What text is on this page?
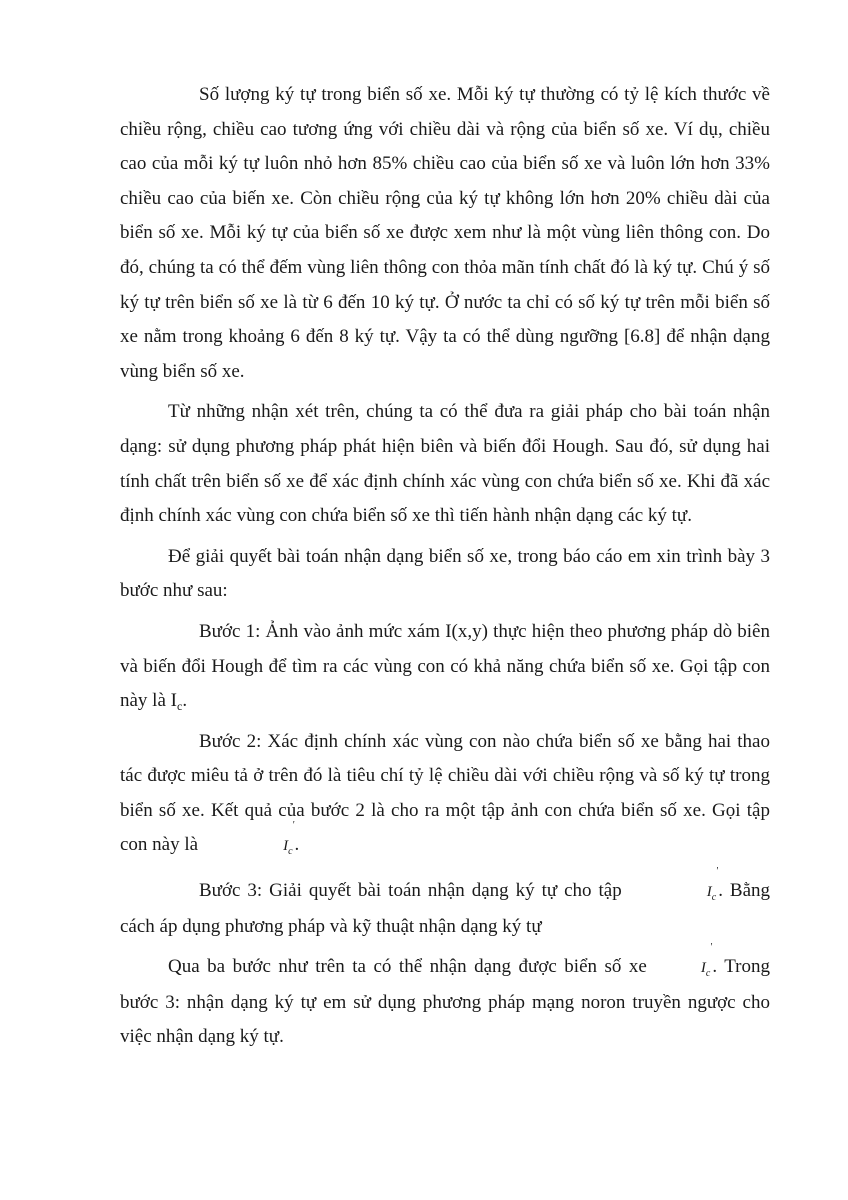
Số lượng ký tự trong biển số xe. Mỗi ký tự thường có tỷ lệ kích thước về chiều rộng, chiều cao tương ứng với chiều dài và rộng của biển số xe. Ví dụ, chiều cao của mỗi ký tự luôn nhỏ hơn 85% chiều cao của biển số xe và luôn lớn hơn 33% chiều cao của biến xe. Còn chiều rộng của ký tự không lớn hơn 20% chiều dài của biển số xe. Mỗi ký tự của biển số xe được xem như là một vùng liên thông con. Do đó, chúng ta có thể đếm vùng liên thông con thỏa mãn tính chất đó là ký tự. Chú ý số ký tự trên biển số xe là từ 6 đến 10 ký tự. Ở nước ta chỉ có số ký tự trên mỗi biển số xe nằm trong khoảng 6 đến 8 ký tự. Vậy ta có thể dùng ngưỡng [6.8] để nhận dạng vùng biển số xe.

Từ những nhận xét trên, chúng ta có thể đưa ra giải pháp cho bài toán nhận dạng: sử dụng phương pháp phát hiện biên và biến đổi Hough. Sau đó, sử dụng hai tính chất trên biển số xe để xác định chính xác vùng con chứa biển số xe. Khi đã xác định chính xác vùng con chứa biển số xe thì tiến hành nhận dạng các ký tự.

Để giải quyết bài toán nhận dạng biển số xe, trong báo cáo em xin trình bày 3 bước như sau:

Bước 1: Ảnh vào ảnh mức xám I(x,y) thực hiện theo phương pháp dò biên và biến đổi Hough để tìm ra các vùng con có khả năng chứa biển số xe. Gọi tập con này là $I_c$.

Bước 2: Xác định chính xác vùng con nào chứa biển số xe bằng hai thao tác được miêu tả ở trên đó là tiêu chí tỷ lệ chiều dài với chiều rộng và số ký tự trong biển số xe. Kết quả của bước 2 là cho ra một tập ảnh con chứa biển số xe. Gọi tập con này là	$I_c$
'
.

Bước 3: Giải quyết bài toán nhận dạng ký tự cho tập	$I_c$
'
. Bằng cách áp dụng phương pháp và kỹ thuật nhận dạng ký tự

Qua ba bước như trên ta có thể nhận dạng được biển số xe	$I_c$
'
. Trong bước 3: nhận dạng ký tự em sử dụng phương pháp mạng noron truyền ngược cho việc nhận dạng ký tự.
